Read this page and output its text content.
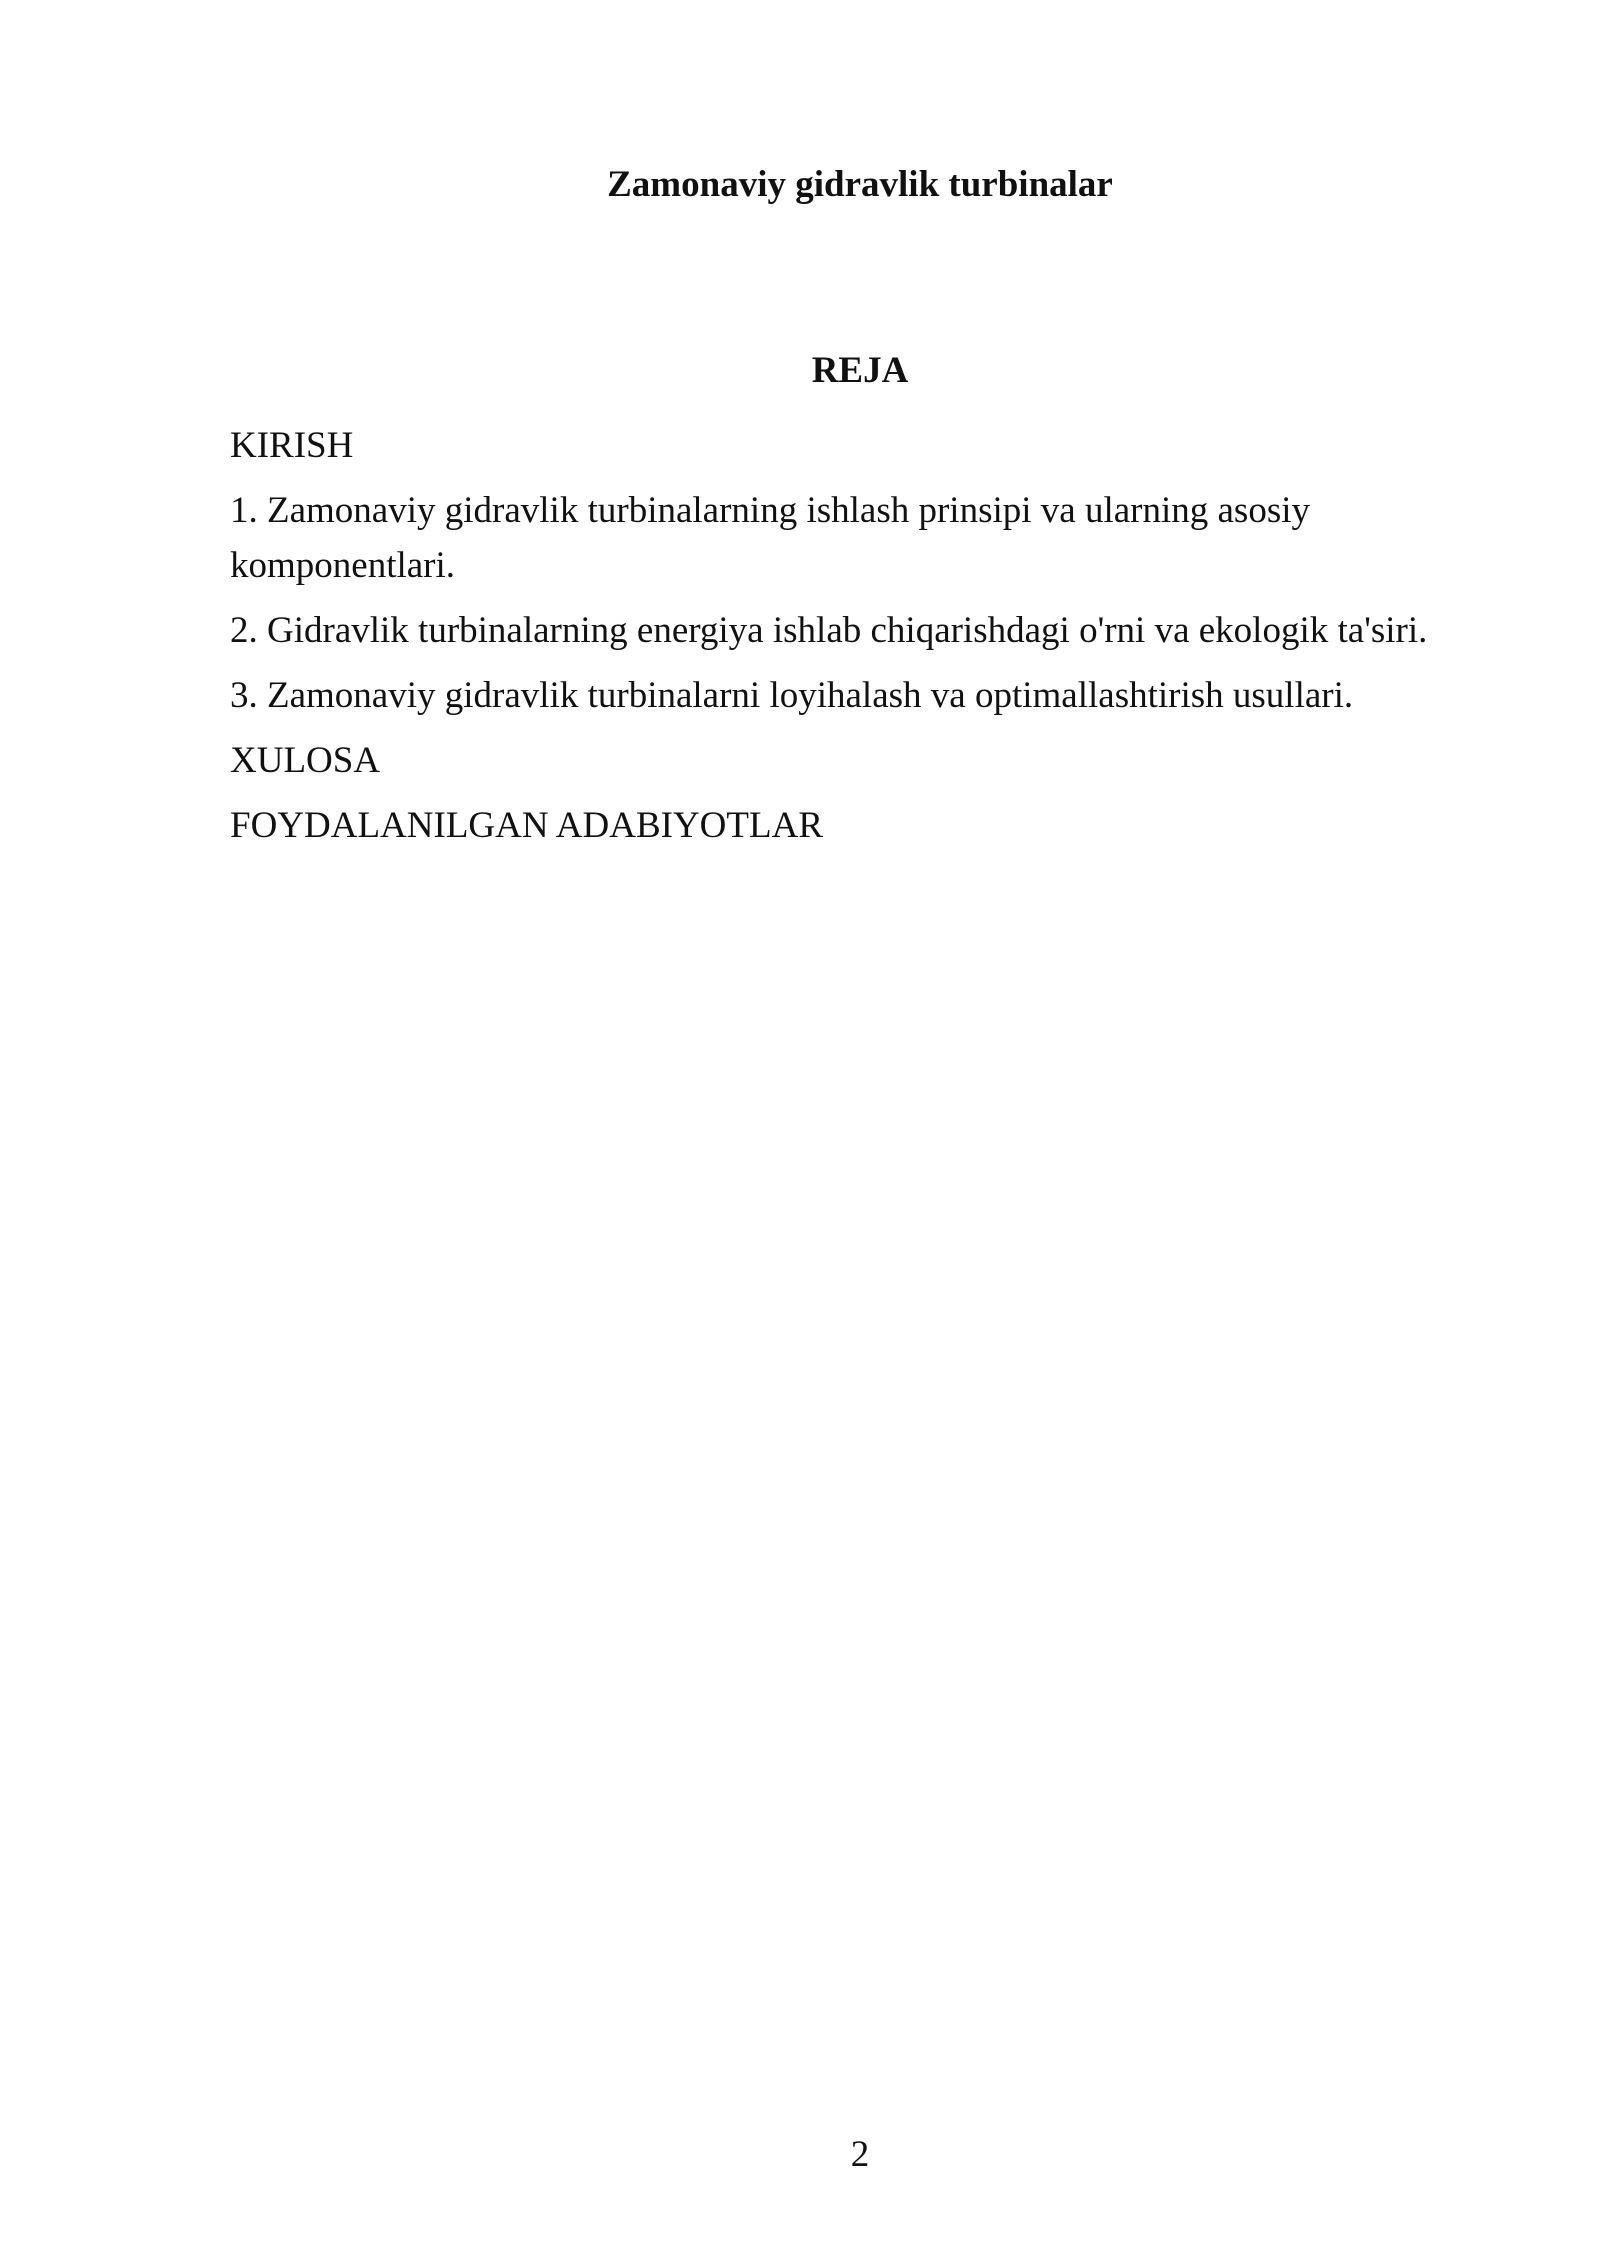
Zamonaviy gidravlik turbinalar
REJA
KIRISH
1. Zamonaviy gidravlik turbinalarning ishlash prinsipi va ularning asosiy komponentlari.
2. Gidravlik turbinalarning energiya ishlab chiqarishdagi o'rni va ekologik ta'siri.
3. Zamonaviy gidravlik turbinalarni loyihalash va optimallashtirish usullari.
XULOSA
FOYDALANILGAN ADABIYOTLAR
2
